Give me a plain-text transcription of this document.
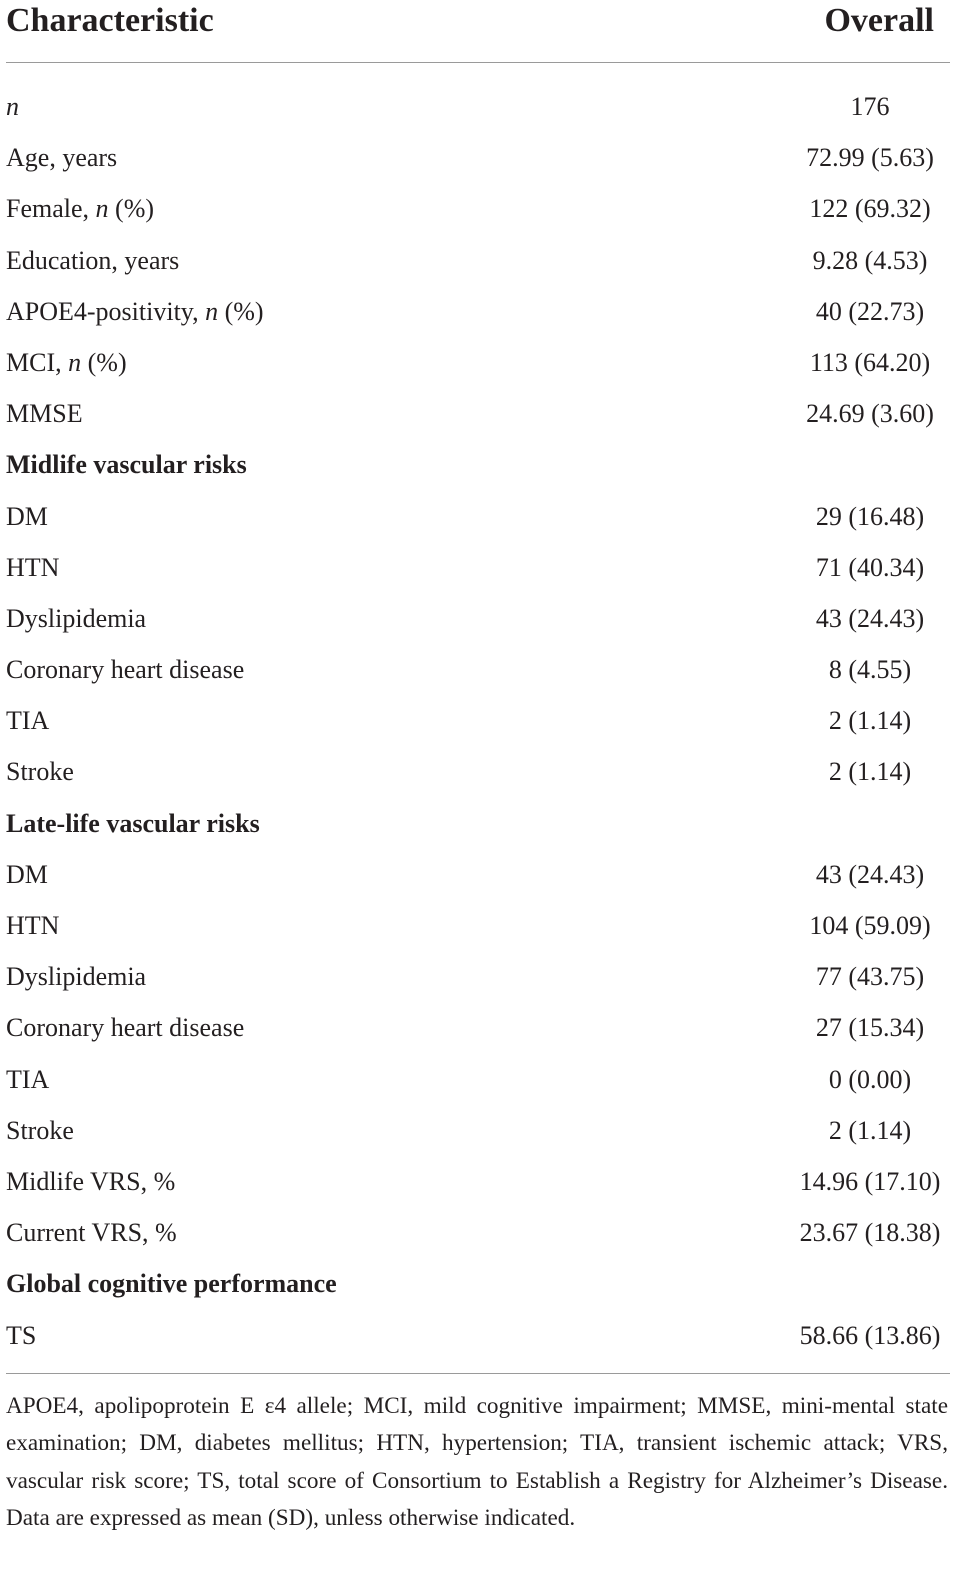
Characteristic	Overall
n	176
Age, years	72.99 (5.63)
Female, n (%)	122 (69.32)
Education, years	9.28 (4.53)
APOE4-positivity, n (%)	40 (22.73)
MCI, n (%)	113 (64.20)
MMSE	24.69 (3.60)
Midlife vascular risks
DM	29 (16.48)
HTN	71 (40.34)
Dyslipidemia	43 (24.43)
Coronary heart disease	8 (4.55)
TIA	2 (1.14)
Stroke	2 (1.14)
Late-life vascular risks
DM	43 (24.43)
HTN	104 (59.09)
Dyslipidemia	77 (43.75)
Coronary heart disease	27 (15.34)
TIA	0 (0.00)
Stroke	2 (1.14)
Midlife VRS, %	14.96 (17.10)
Current VRS, %	23.67 (18.38)
Global cognitive performance
TS	58.66 (13.86)
APOE4, apolipoprotein E ε4 allele; MCI, mild cognitive impairment; MMSE, mini-mental state examination; DM, diabetes mellitus; HTN, hypertension; TIA, transient ischemic attack; VRS, vascular risk score; TS, total score of Consortium to Establish a Registry for Alzheimer’s Disease. Data are expressed as mean (SD), unless otherwise indicated.
